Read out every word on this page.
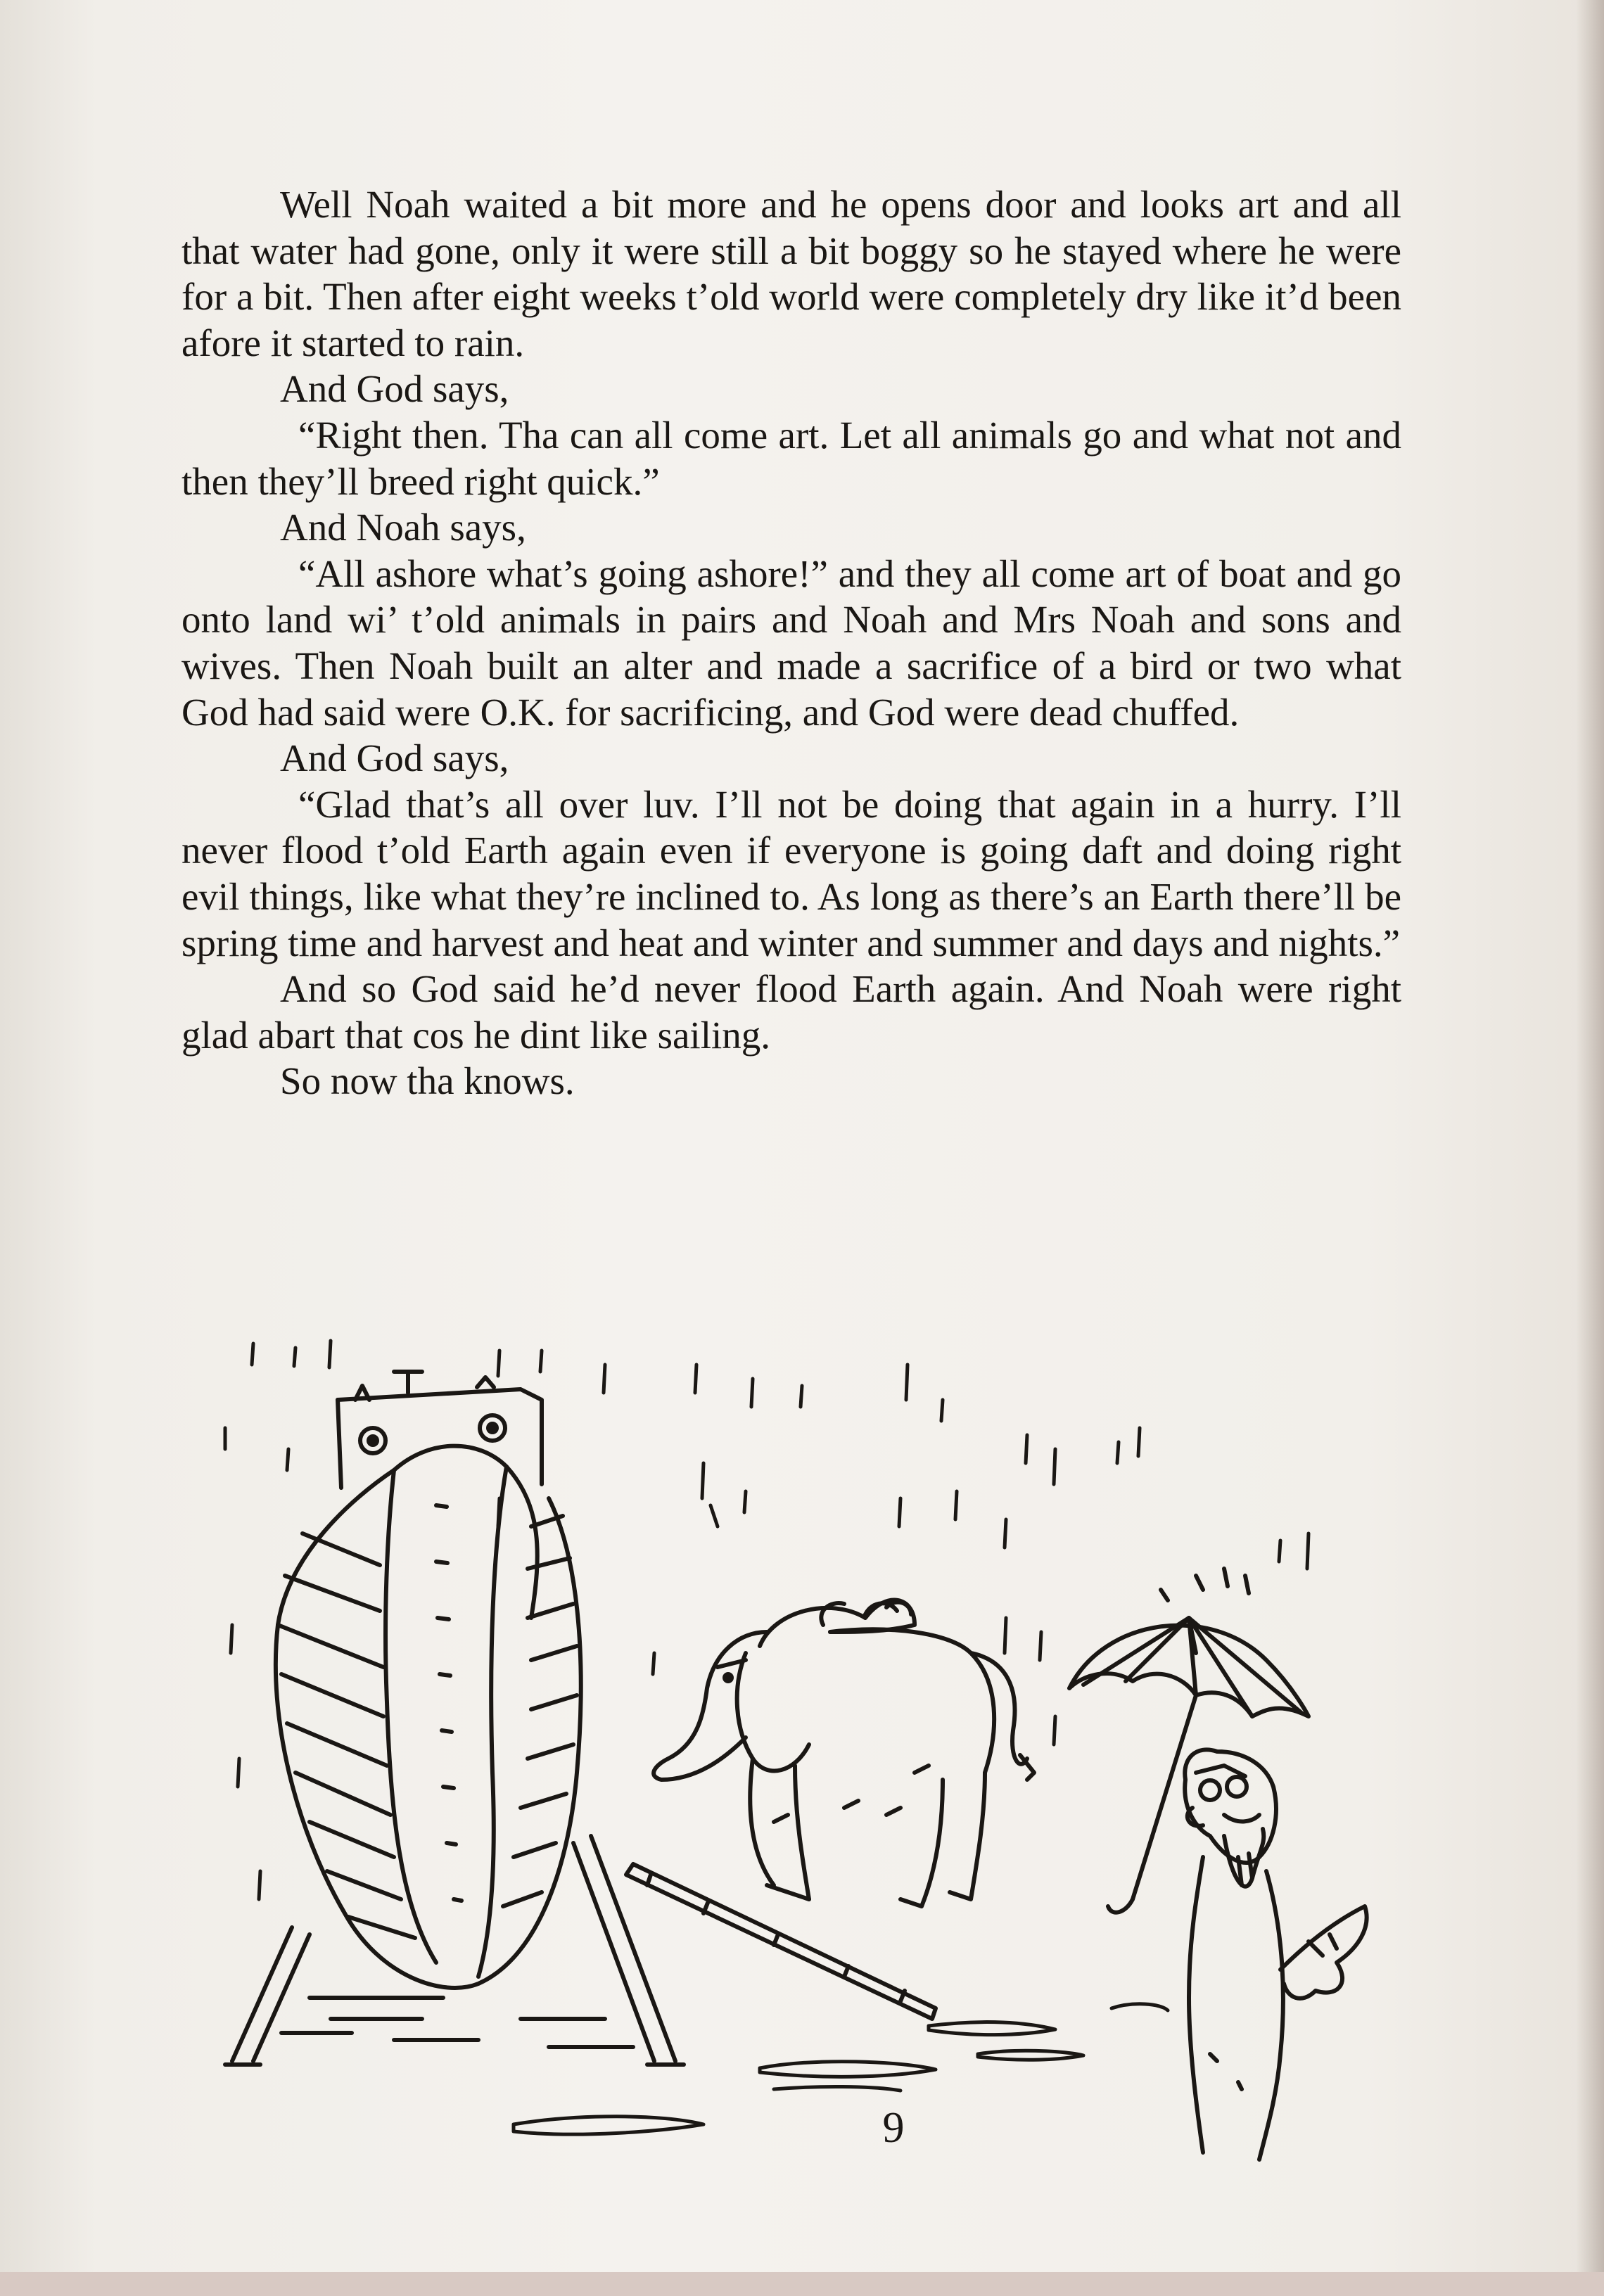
Well Noah waited a bit more and he opens door and looks art and all that water had gone, only it were still a bit boggy so he stayed where he were for a bit. Then after eight weeks t’old world were completely dry like it’d been afore it started to rain.

And God says,

“Right then. Tha can all come art. Let all animals go and what not and then they’ll breed right quick.”

And Noah says,

“All ashore what’s going ashore!” and they all come art of boat and go onto land wi’ t’old animals in pairs and Noah and Mrs Noah and sons and wives. Then Noah built an alter and made a sacrifice of a bird or two what God had said were O.K. for sacrificing, and God were dead chuffed.

And God says,

“Glad that’s all over luv. I’ll not be doing that again in a hurry. I’ll never flood t’old Earth again even if everyone is going daft and doing right evil things, like what they’re inclined to. As long as there’s an Earth there’ll be spring time and harvest and heat and winter and summer and days and nights.”

And so God said he’d never flood Earth again. And Noah were right glad abart that cos he dint like sailing.

So now tha knows.

9
